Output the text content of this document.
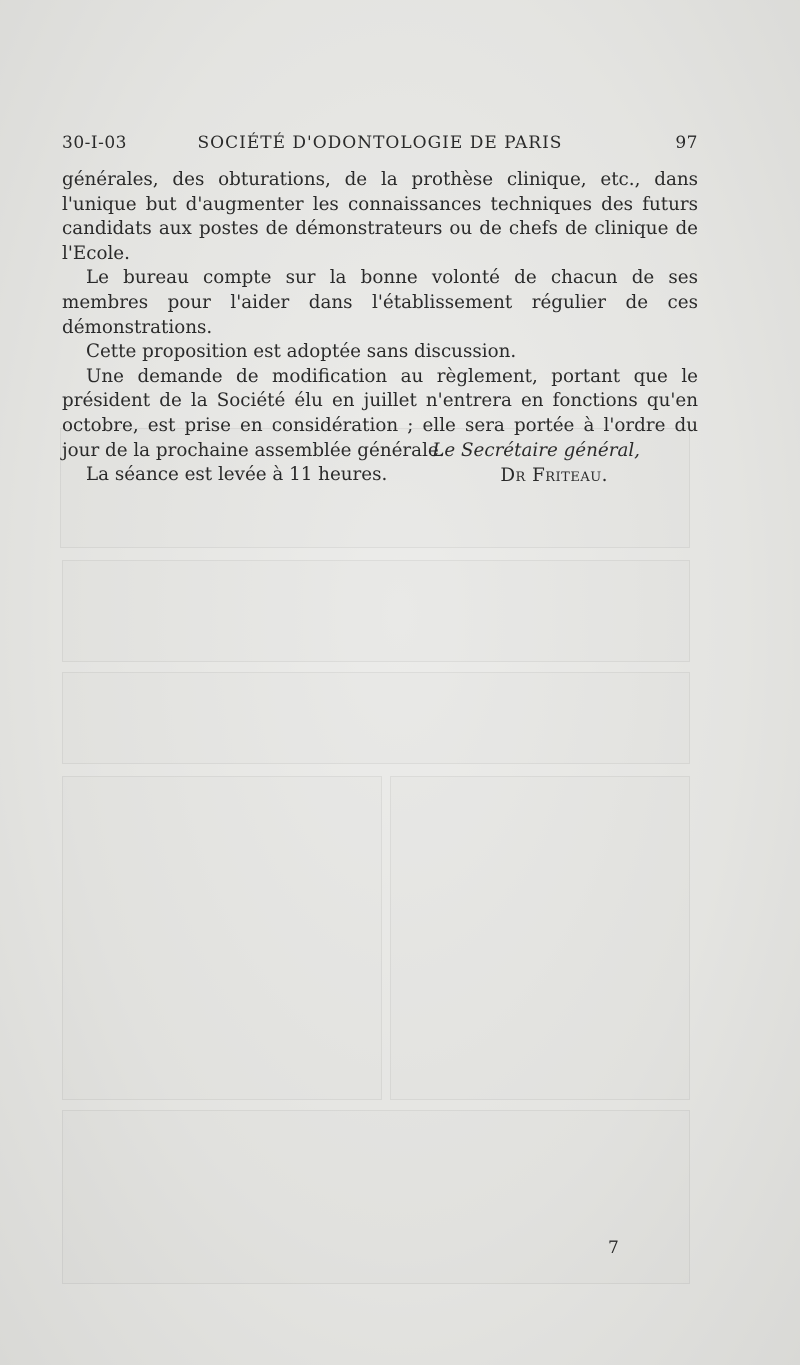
30-I-03	SOCIÉTÉ D'ODONTOLOGIE DE PARIS	97

générales, des obturations, de la prothèse clinique, etc., dans l'unique but d'augmenter les connaissances techniques des futurs candidats aux postes de démonstrateurs ou de chefs de clinique de l'Ecole.

Le bureau compte sur la bonne volonté de chacun de ses membres pour l'aider dans l'établissement régulier de ces démonstrations.

Cette proposition est adoptée sans discussion.

Une demande de modification au règlement, portant que le président de la Société élu en juillet n'entrera en fonctions qu'en octobre, est prise en considération ; elle sera portée à l'ordre du jour de la prochaine assemblée générale.

La séance est levée à 11 heures.

Le Secrétaire général,
Dr Friteau.
7
